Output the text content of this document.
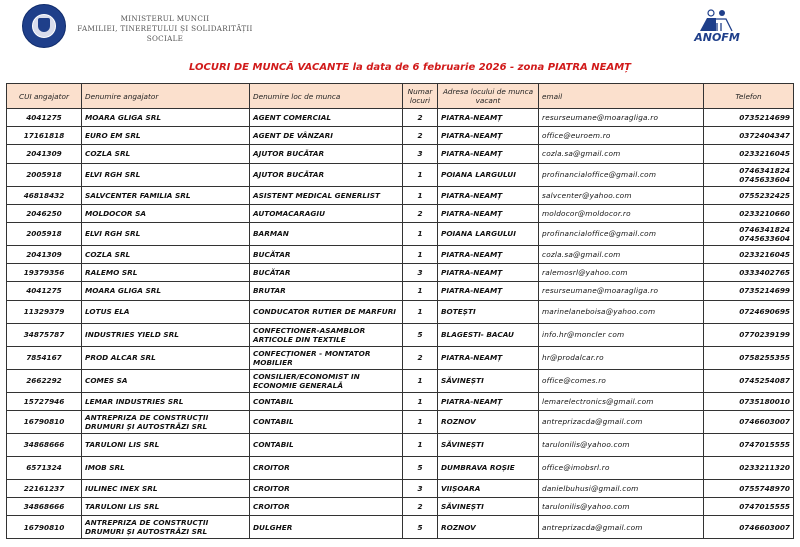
MINISTERUL MUNCII
FAMILIEI, TINERETULUI ȘI SOLIDARITĂȚII SOCIALE	ANOFM
LOCURI DE MUNCĂ VACANTE la data de 6 februarie 2026 - zona PIATRA NEAMȚ
CUI angajator	Denumire angajator	Denumire loc de munca	Numar locuri	Adresa locului de munca vacant	email	Telefon
4041275	MOARA GLIGA SRL	AGENT COMERCIAL	2	PIATRA-NEAMȚ	resurseumane@moaragliga.ro	0735214699
17161818	EURO EM SRL	AGENT DE VÂNZARI	2	PIATRA-NEAMȚ	office@euroem.ro	0372404347
2041309	COZLA SRL	AJUTOR BUCĂTAR	3	PIATRA-NEAMȚ	cozla.sa@gmail.com	0233216045
2005918	ELVI RGH SRL	AJUTOR BUCĂTAR	1	POIANA LARGULUI	profinancialoffice@gmail.com	0746341824
0745633604

46818432	SALVCENTER FAMILIA SRL	ASISTENT MEDICAL GENERLIST	1	PIATRA-NEAMȚ	salvcenter@yahoo.com	0755232425
2046250	MOLDOCOR SA	AUTOMACARAGIU	2	PIATRA-NEAMȚ	moldocor@moldocor.ro	0233210660
2005918	ELVI RGH SRL	BARMAN	1	POIANA LARGULUI	profinancialoffice@gmail.com	0746341824
0745633604

2041309	COZLA SRL	BUCĂTAR	1	PIATRA-NEAMȚ	cozla.sa@gmail.com	0233216045
19379356	RALEMO SRL	BUCĂTAR	3	PIATRA-NEAMȚ	ralemosrl@yahoo.com	0333402765
4041275	MOARA GLIGA SRL	BRUTAR	1	PIATRA-NEAMȚ	resurseumane@moaragliga.ro	0735214699
11329379	LOTUS ELA	CONDUCATOR RUTIER DE MARFURI	1	BOTEȘTI	marinelaneboisa@yahoo.com	0724690695
34875787	INDUSTRIES YIELD SRL	CONFECTIONER-ASAMBLOR ARTICOLE DIN TEXTILE	5	BLAGESTI- BACAU	info.hr@moncler com	0770239199
7854167	PROD ALCAR SRL	CONFECȚIONER - MONTATOR MOBILIER	2	PIATRA-NEAMȚ	hr@prodalcar.ro	0758255355
2662292	COMES SA	CONSILIER/ECONOMIST IN ECONOMIE GENERALĂ	1	SĂVINEȘTI	office@comes.ro	0745254087
15727946	LEMAR INDUSTRIES SRL	CONTABIL	1	PIATRA-NEAMȚ	lemarelectronics@gmail.com	0735180010
16790810	ANTREPRIZA DE CONSTRUCȚII DRUMURI ȘI AUTOSTRĂZI SRL	CONTABIL	1	ROZNOV	antreprizacda@gmail.com	0746603007
34868666	TARULONI LIS SRL	CONTABIL	1	SĂVINEȘTI	tarulonilis@yahoo.com	0747015555
6571324	IMOB SRL	CROITOR	5	DUMBRAVA ROȘIE	office@imobsrl.ro	0233211320
22161237	IULINEC INEX SRL	CROITOR	3	VIIȘOARA	danielbuhusi@gmail.com	0755748970
34868666	TARULONI LIS SRL	CROITOR	2	SĂVINEȘTI	tarulonilis@yahoo.com	0747015555
16790810	ANTREPRIZA DE CONSTRUCȚII DRUMURI ȘI AUTOSTRĂZI SRL	DULGHER	5	ROZNOV	antreprizacda@gmail.com	0746603007
